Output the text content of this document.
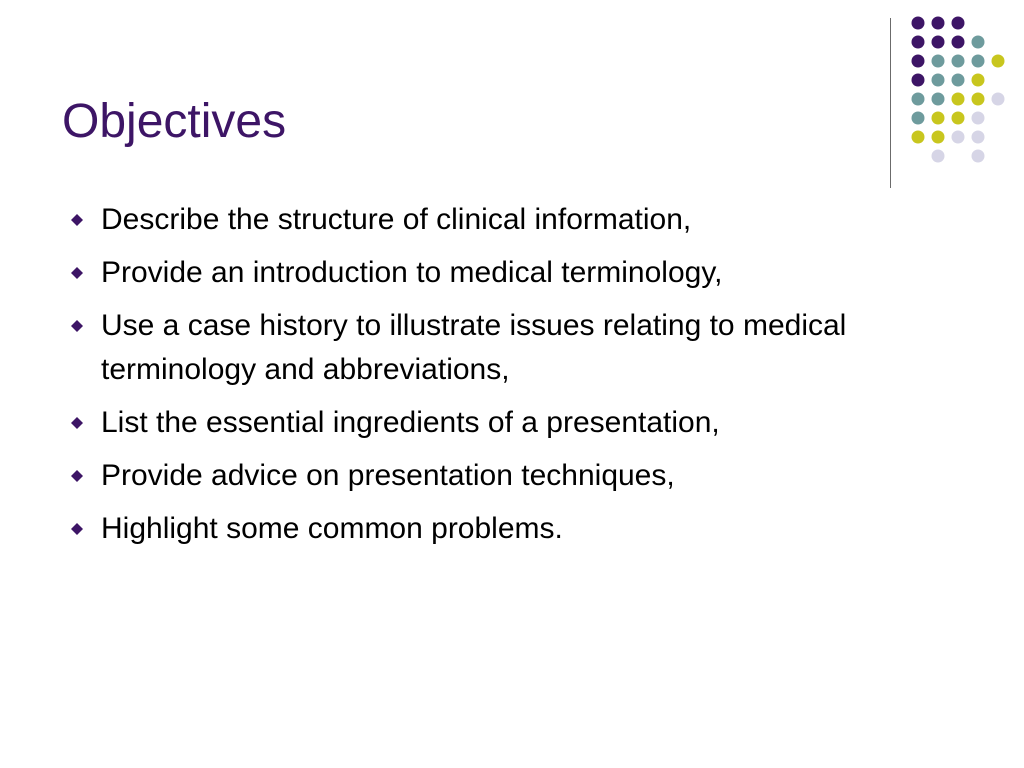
Objectives
Describe the structure of clinical information,
Provide an introduction to medical terminology,
Use a case history to illustrate issues relating to medical terminology and abbreviations,
List the essential ingredients of a presentation,
Provide advice on presentation techniques,
Highlight some common problems.
